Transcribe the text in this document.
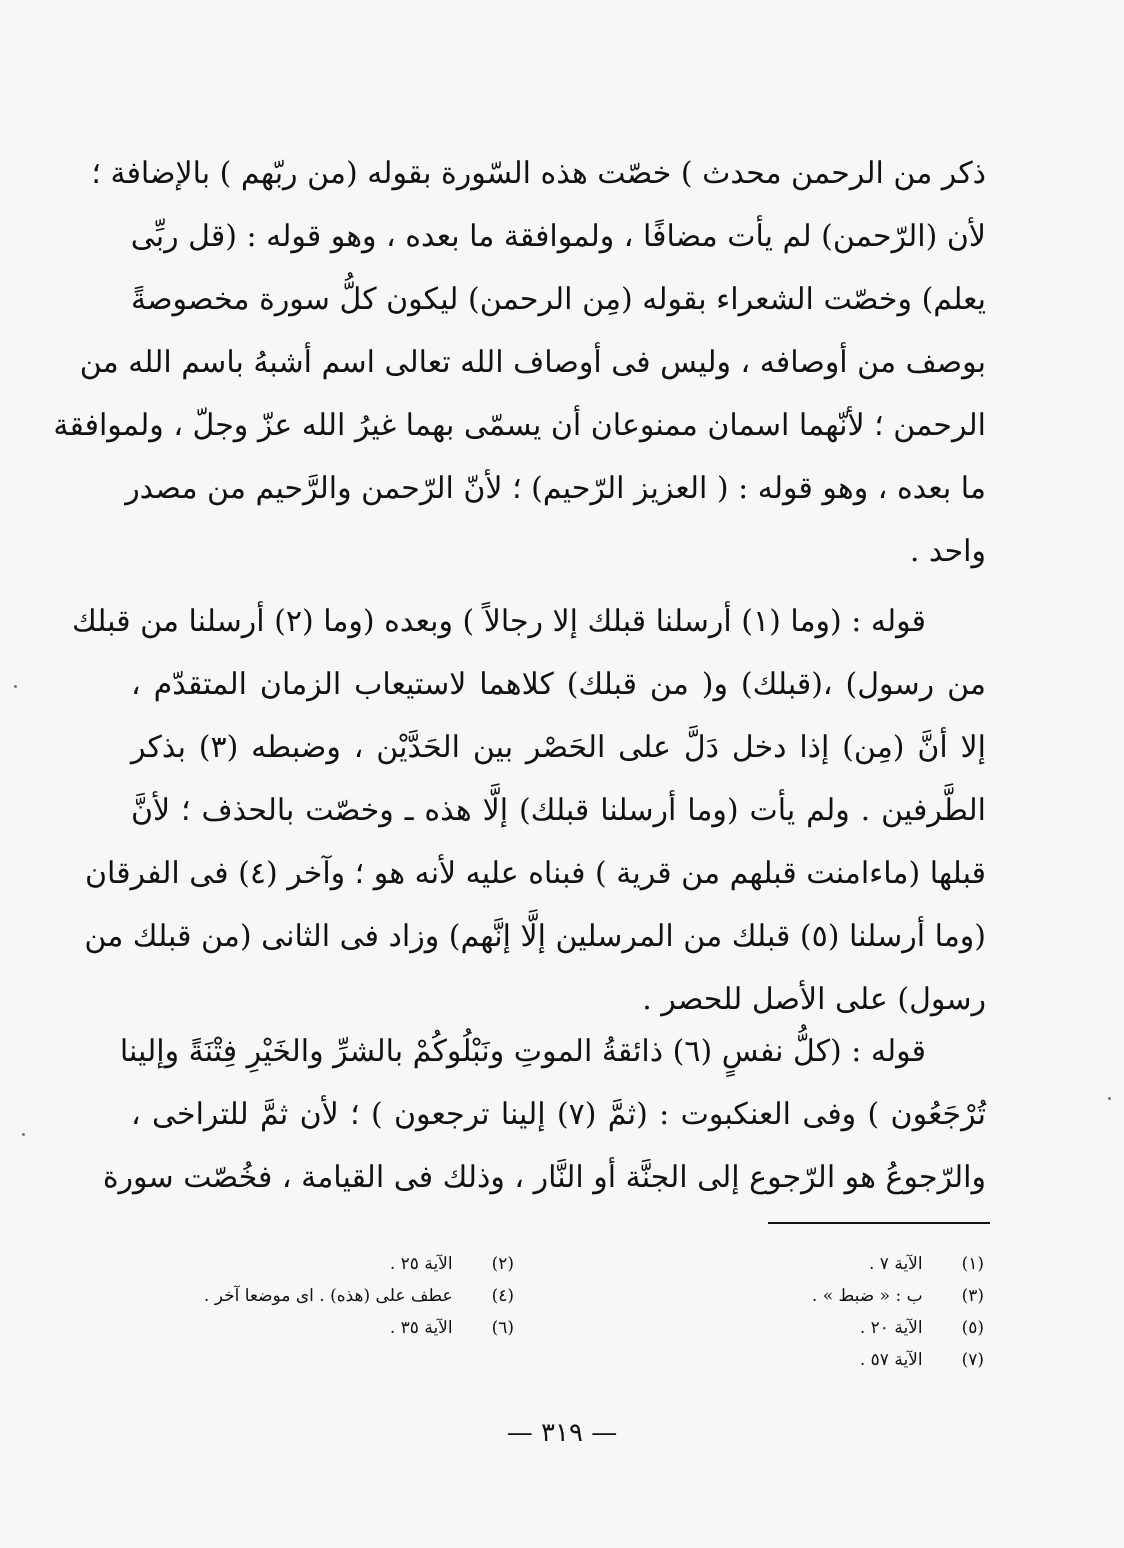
ذكر من الرحمن محدث ) خصّت هذه السّورة بقوله (من ربّهم ) بالإضافة ؛
لأن (الرّحمن) لم يأت مضافًا ، ولموافقة ما بعده ، وهو قوله : (قل ربِّى
يعلم) وخصّت الشعراء بقوله (مِن الرحمن) ليكون كلُّ سورة مخصوصةً
بوصف من أوصافه ، وليس فى أوصاف الله تعالى اسم أشبهُ باسم الله من
الرحمن ؛ لأنّهما اسمان ممنوعان أن يسمّى بهما غيرُ الله عزّ وجلّ ، ولموافقة
ما بعده ، وهو قوله : ( العزيز الرّحيم) ؛ لأنّ الرّحمن والرَّحيم من مصدر
واحد .
قوله : (وما (١) أرسلنا قبلك إلا رجالاً ) وبعده (وما (٢) أرسلنا من قبلك
من رسول) ،(قبلك) و( من قبلك) كلاهما لاستيعاب الزمان المتقدّم ،
إلا أنَّ (مِن) إذا دخل دَلَّ على الحَصْر بين الحَدَّيْن ، وضبطه (٣) بذكر
الطَّرفين . ولم يأت (وما أرسلنا قبلك) إلَّا هذه ـ وخصّت بالحذف ؛ لأنَّ
قبلها (ماءامنت قبلهم من قرية ) فبناه عليه لأنه هو ؛ وآخر (٤) فى الفرقان
(وما أرسلنا (٥) قبلك من المرسلين إلَّا إنَّهم) وزاد فى الثانى (من قبلك من
رسول) على الأصل للحصر .
قوله : (كلُّ نفسٍ (٦) ذائقةُ الموتِ ونَبْلُوكُمْ بالشرِّ والخَيْرِ فِتْنَةً وإلينا
تُرْجَعُون ) وفى العنكبوت : (ثمَّ (٧) إلينا ترجعون ) ؛ لأن ثمَّ للتراخى ،
والرّجوعُ هو الرّجوع إلى الجنَّة أو النَّار ، وذلك فى القيامة ، فخُصّت سورة
(١) الآية ٧ .
(٣) ب : « ضبط » .
(٥) الآية ٢٠ .
(٧) الآية ٥٧ .
(٢) الآية ٢٥ .
(٤) عطف على (هذه) . اى موضعا آخر .
(٦) الآية ٣٥ .
— ٣١٩ —
